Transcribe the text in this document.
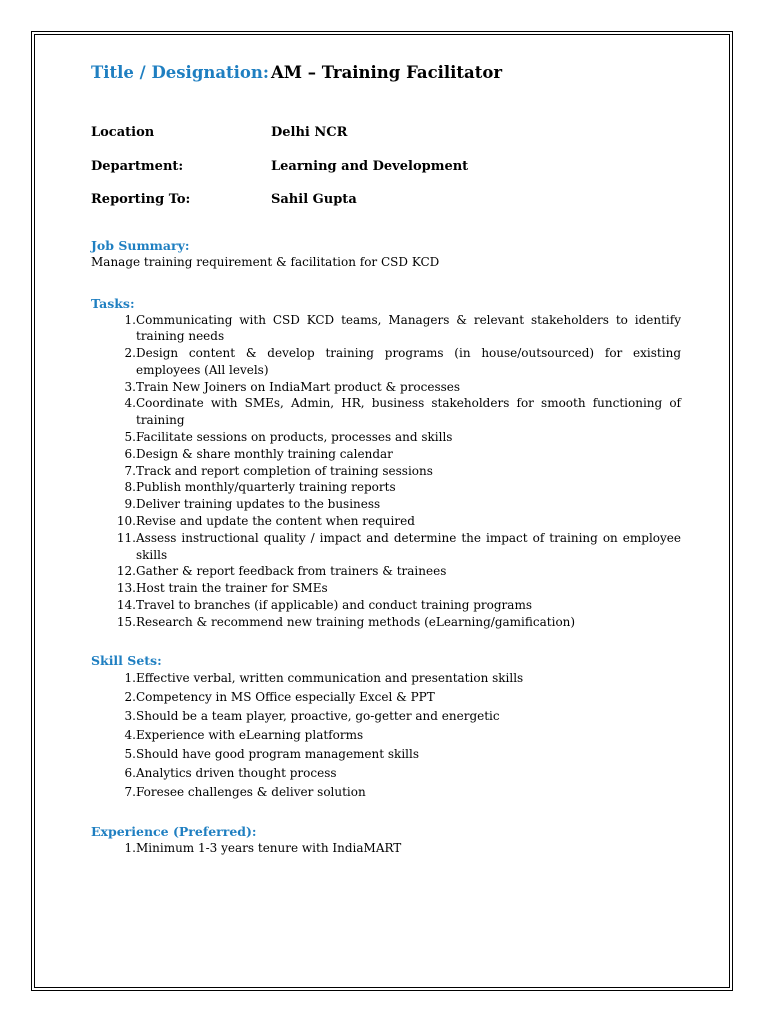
Title / Designation: AM – Training Facilitator
Location	Delhi NCR
Department:	Learning and Development
Reporting To:	Sahil Gupta
Job Summary:
Manage training requirement & facilitation for CSD KCD
Tasks:
1. Communicating with CSD KCD teams, Managers & relevant stakeholders to identify training needs
2. Design content & develop training programs (in house/outsourced) for existing employees (All levels)
3. Train New Joiners on IndiaMart product & processes
4. Coordinate with SMEs, Admin, HR, business stakeholders for smooth functioning of training
5. Facilitate sessions on products, processes and skills
6. Design & share monthly training calendar
7. Track and report completion of training sessions
8. Publish monthly/quarterly training reports
9. Deliver training updates to the business
10. Revise and update the content when required
11. Assess instructional quality / impact and determine the impact of training on employee skills
12. Gather & report feedback from trainers & trainees
13. Host train the trainer for SMEs
14. Travel to branches (if applicable) and conduct training programs
15. Research & recommend new training methods (eLearning/gamification)
Skill Sets:
1. Effective verbal, written communication and presentation skills
2. Competency in MS Office especially Excel & PPT
3. Should be a team player, proactive, go-getter and energetic
4. Experience with eLearning platforms
5. Should have good program management skills
6. Analytics driven thought process
7. Foresee challenges & deliver solution
Experience (Preferred):
1. Minimum 1-3 years tenure with IndiaMART
